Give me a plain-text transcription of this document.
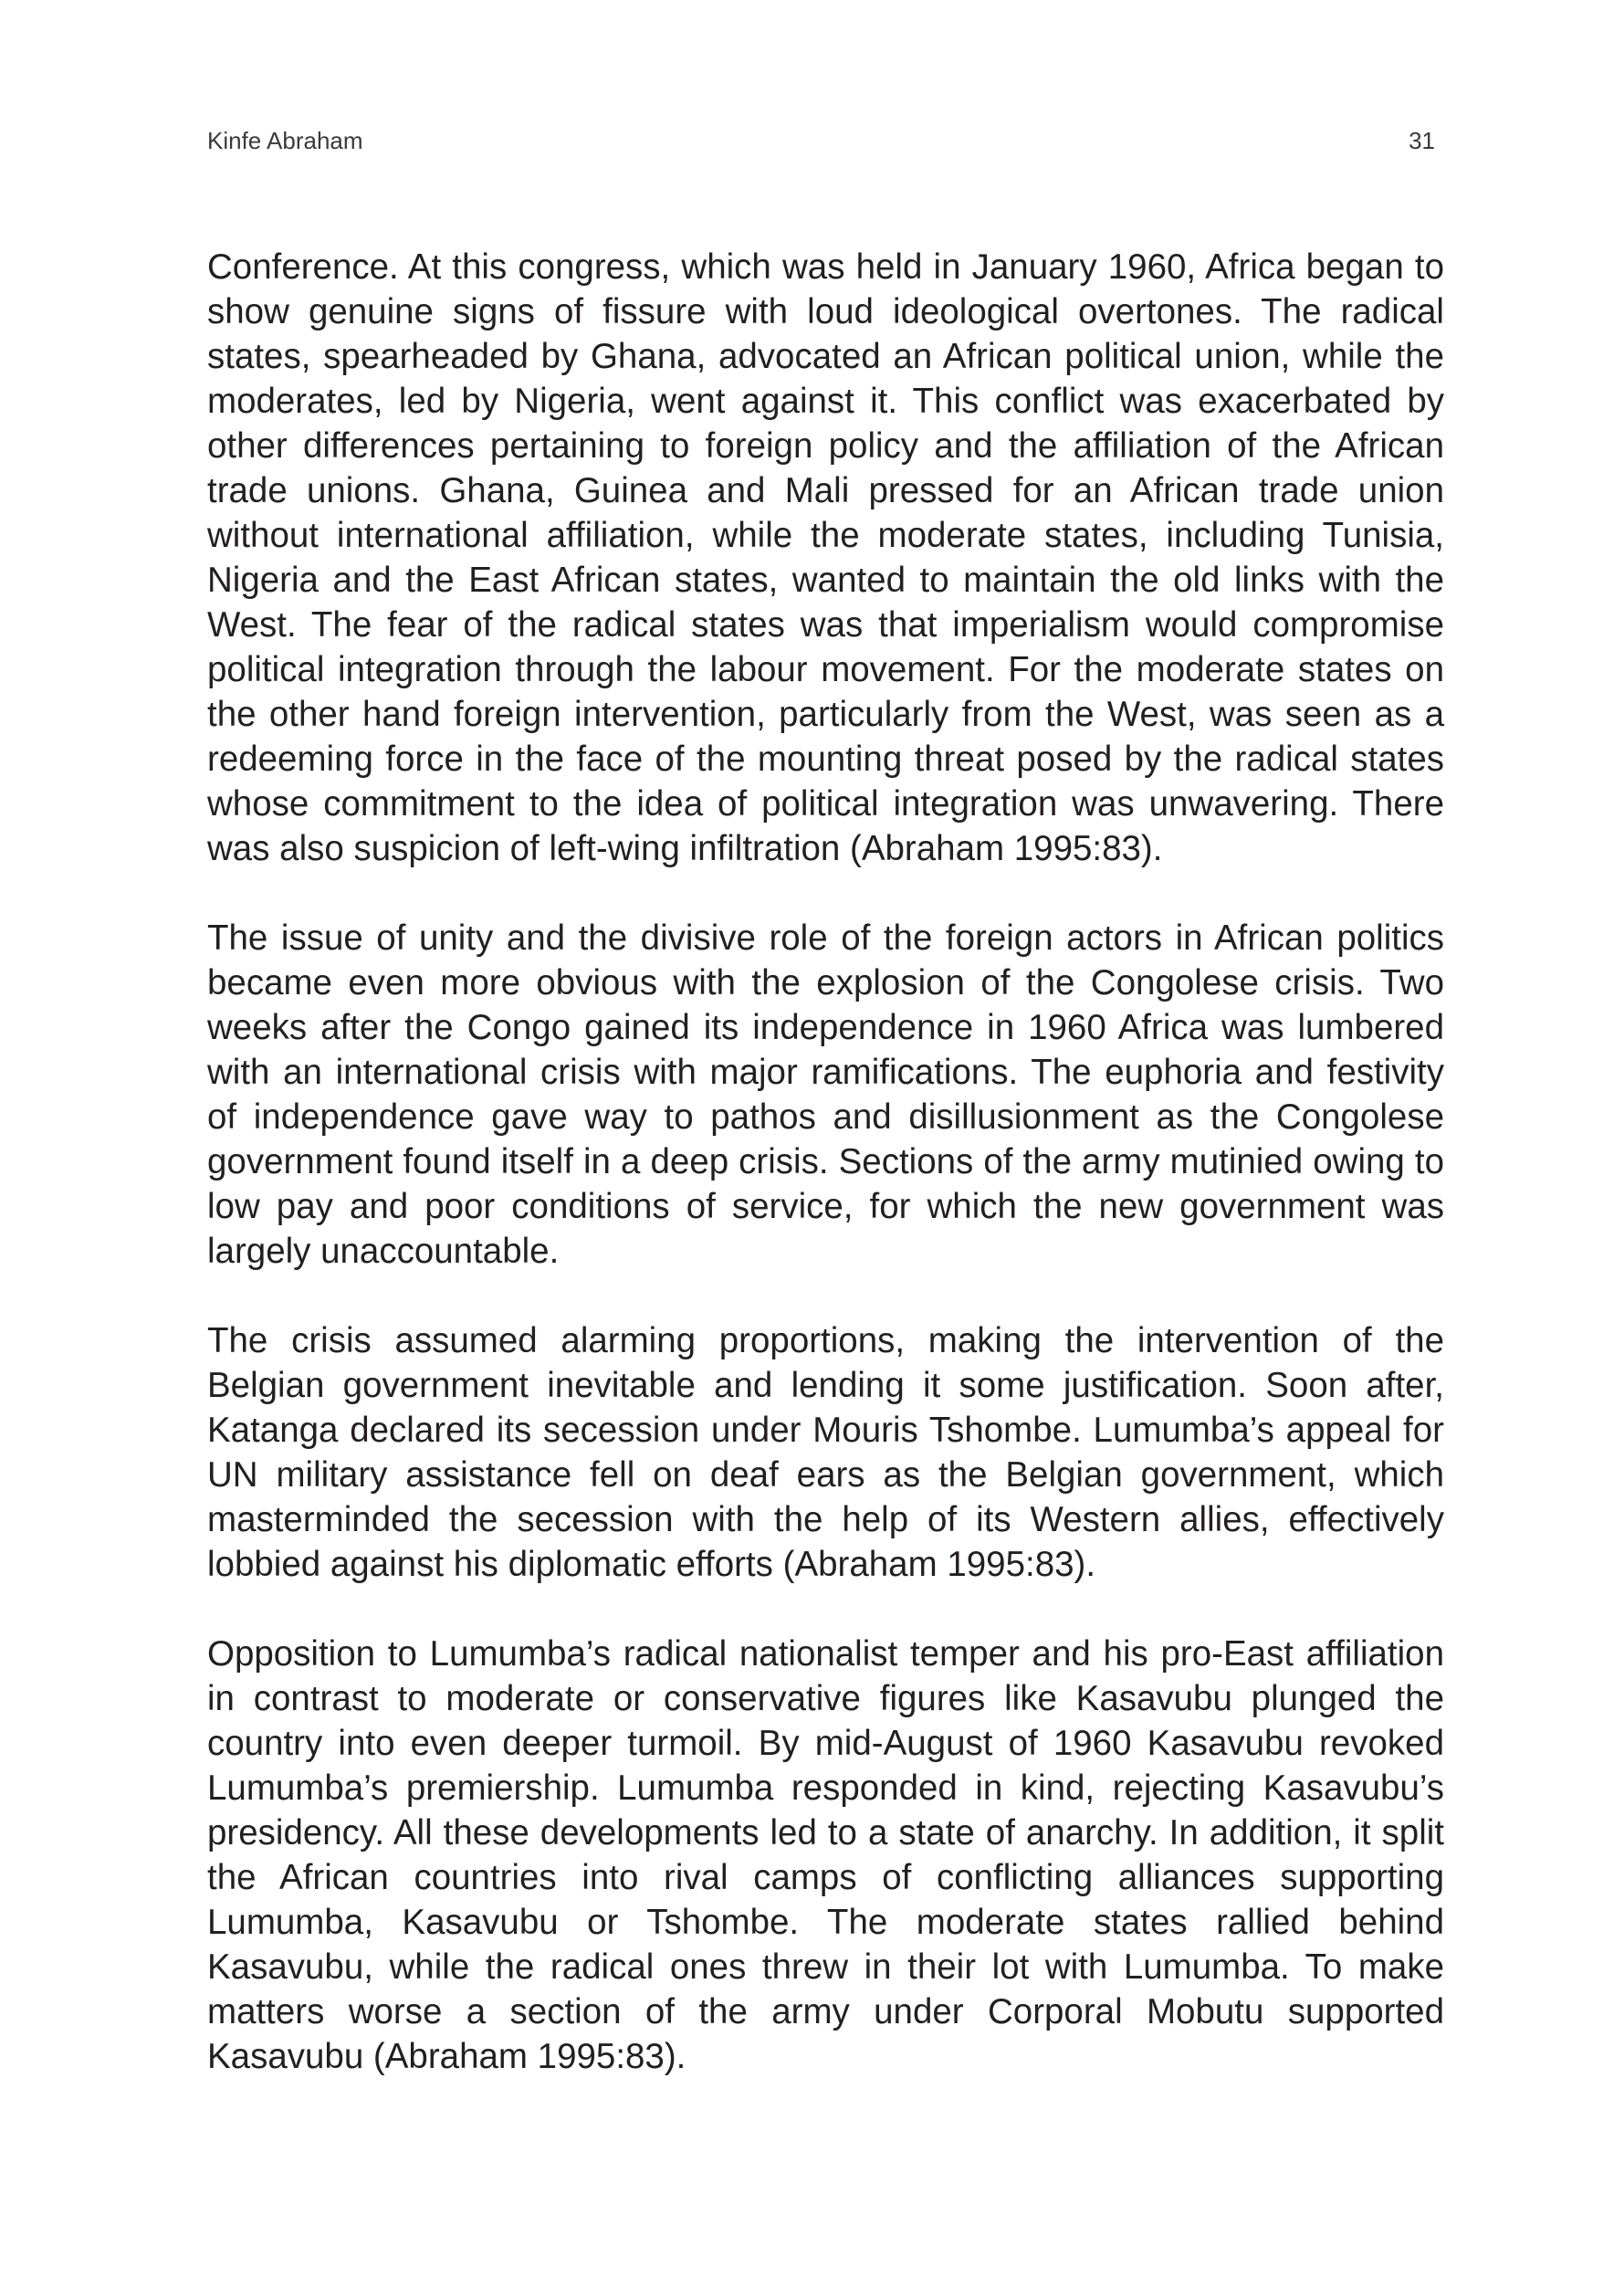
Kinfe Abraham	31

Conference. At this congress, which was held in January 1960, Africa began to show genuine signs of fissure with loud ideological overtones. The radical states, spearheaded by Ghana, advocated an African political union, while the moderates, led by Nigeria, went against it. This conflict was exacerbated by other differences pertaining to foreign policy and the affiliation of the African trade unions. Ghana, Guinea and Mali pressed for an African trade union without international affiliation, while the moderate states, including Tunisia, Nigeria and the East African states, wanted to maintain the old links with the West. The fear of the radical states was that imperialism would compromise political integration through the labour movement. For the moderate states on the other hand foreign intervention, particularly from the West, was seen as a redeeming force in the face of the mounting threat posed by the radical states whose commitment to the idea of political integration was unwavering. There was also suspicion of left-wing infiltration (Abraham 1995:83).

The issue of unity and the divisive role of the foreign actors in African politics became even more obvious with the explosion of the Congolese crisis. Two weeks after the Congo gained its independence in 1960 Africa was lumbered with an international crisis with major ramifications. The euphoria and festivity of independence gave way to pathos and disillusionment as the Congolese government found itself in a deep crisis. Sections of the army mutinied owing to low pay and poor conditions of service, for which the new government was largely unaccountable.

The crisis assumed alarming proportions, making the intervention of the Belgian government inevitable and lending it some justification. Soon after, Katanga declared its secession under Mouris Tshombe. Lumumba’s appeal for UN military assistance fell on deaf ears as the Belgian government, which masterminded the secession with the help of its Western allies, effectively lobbied against his diplomatic efforts (Abraham 1995:83).

Opposition to Lumumba’s radical nationalist temper and his pro-East affiliation in contrast to moderate or conservative figures like Kasavubu plunged the country into even deeper turmoil. By mid-August of 1960 Kasavubu revoked Lumumba’s premiership. Lumumba responded in kind, rejecting Kasavubu’s presidency. All these developments led to a state of anarchy. In addition, it split the African countries into rival camps of conflicting alliances supporting Lumumba, Kasavubu or Tshombe. The moderate states rallied behind Kasavubu, while the radical ones threw in their lot with Lumumba. To make matters worse a section of the army under Corporal Mobutu supported Kasavubu (Abraham 1995:83).
